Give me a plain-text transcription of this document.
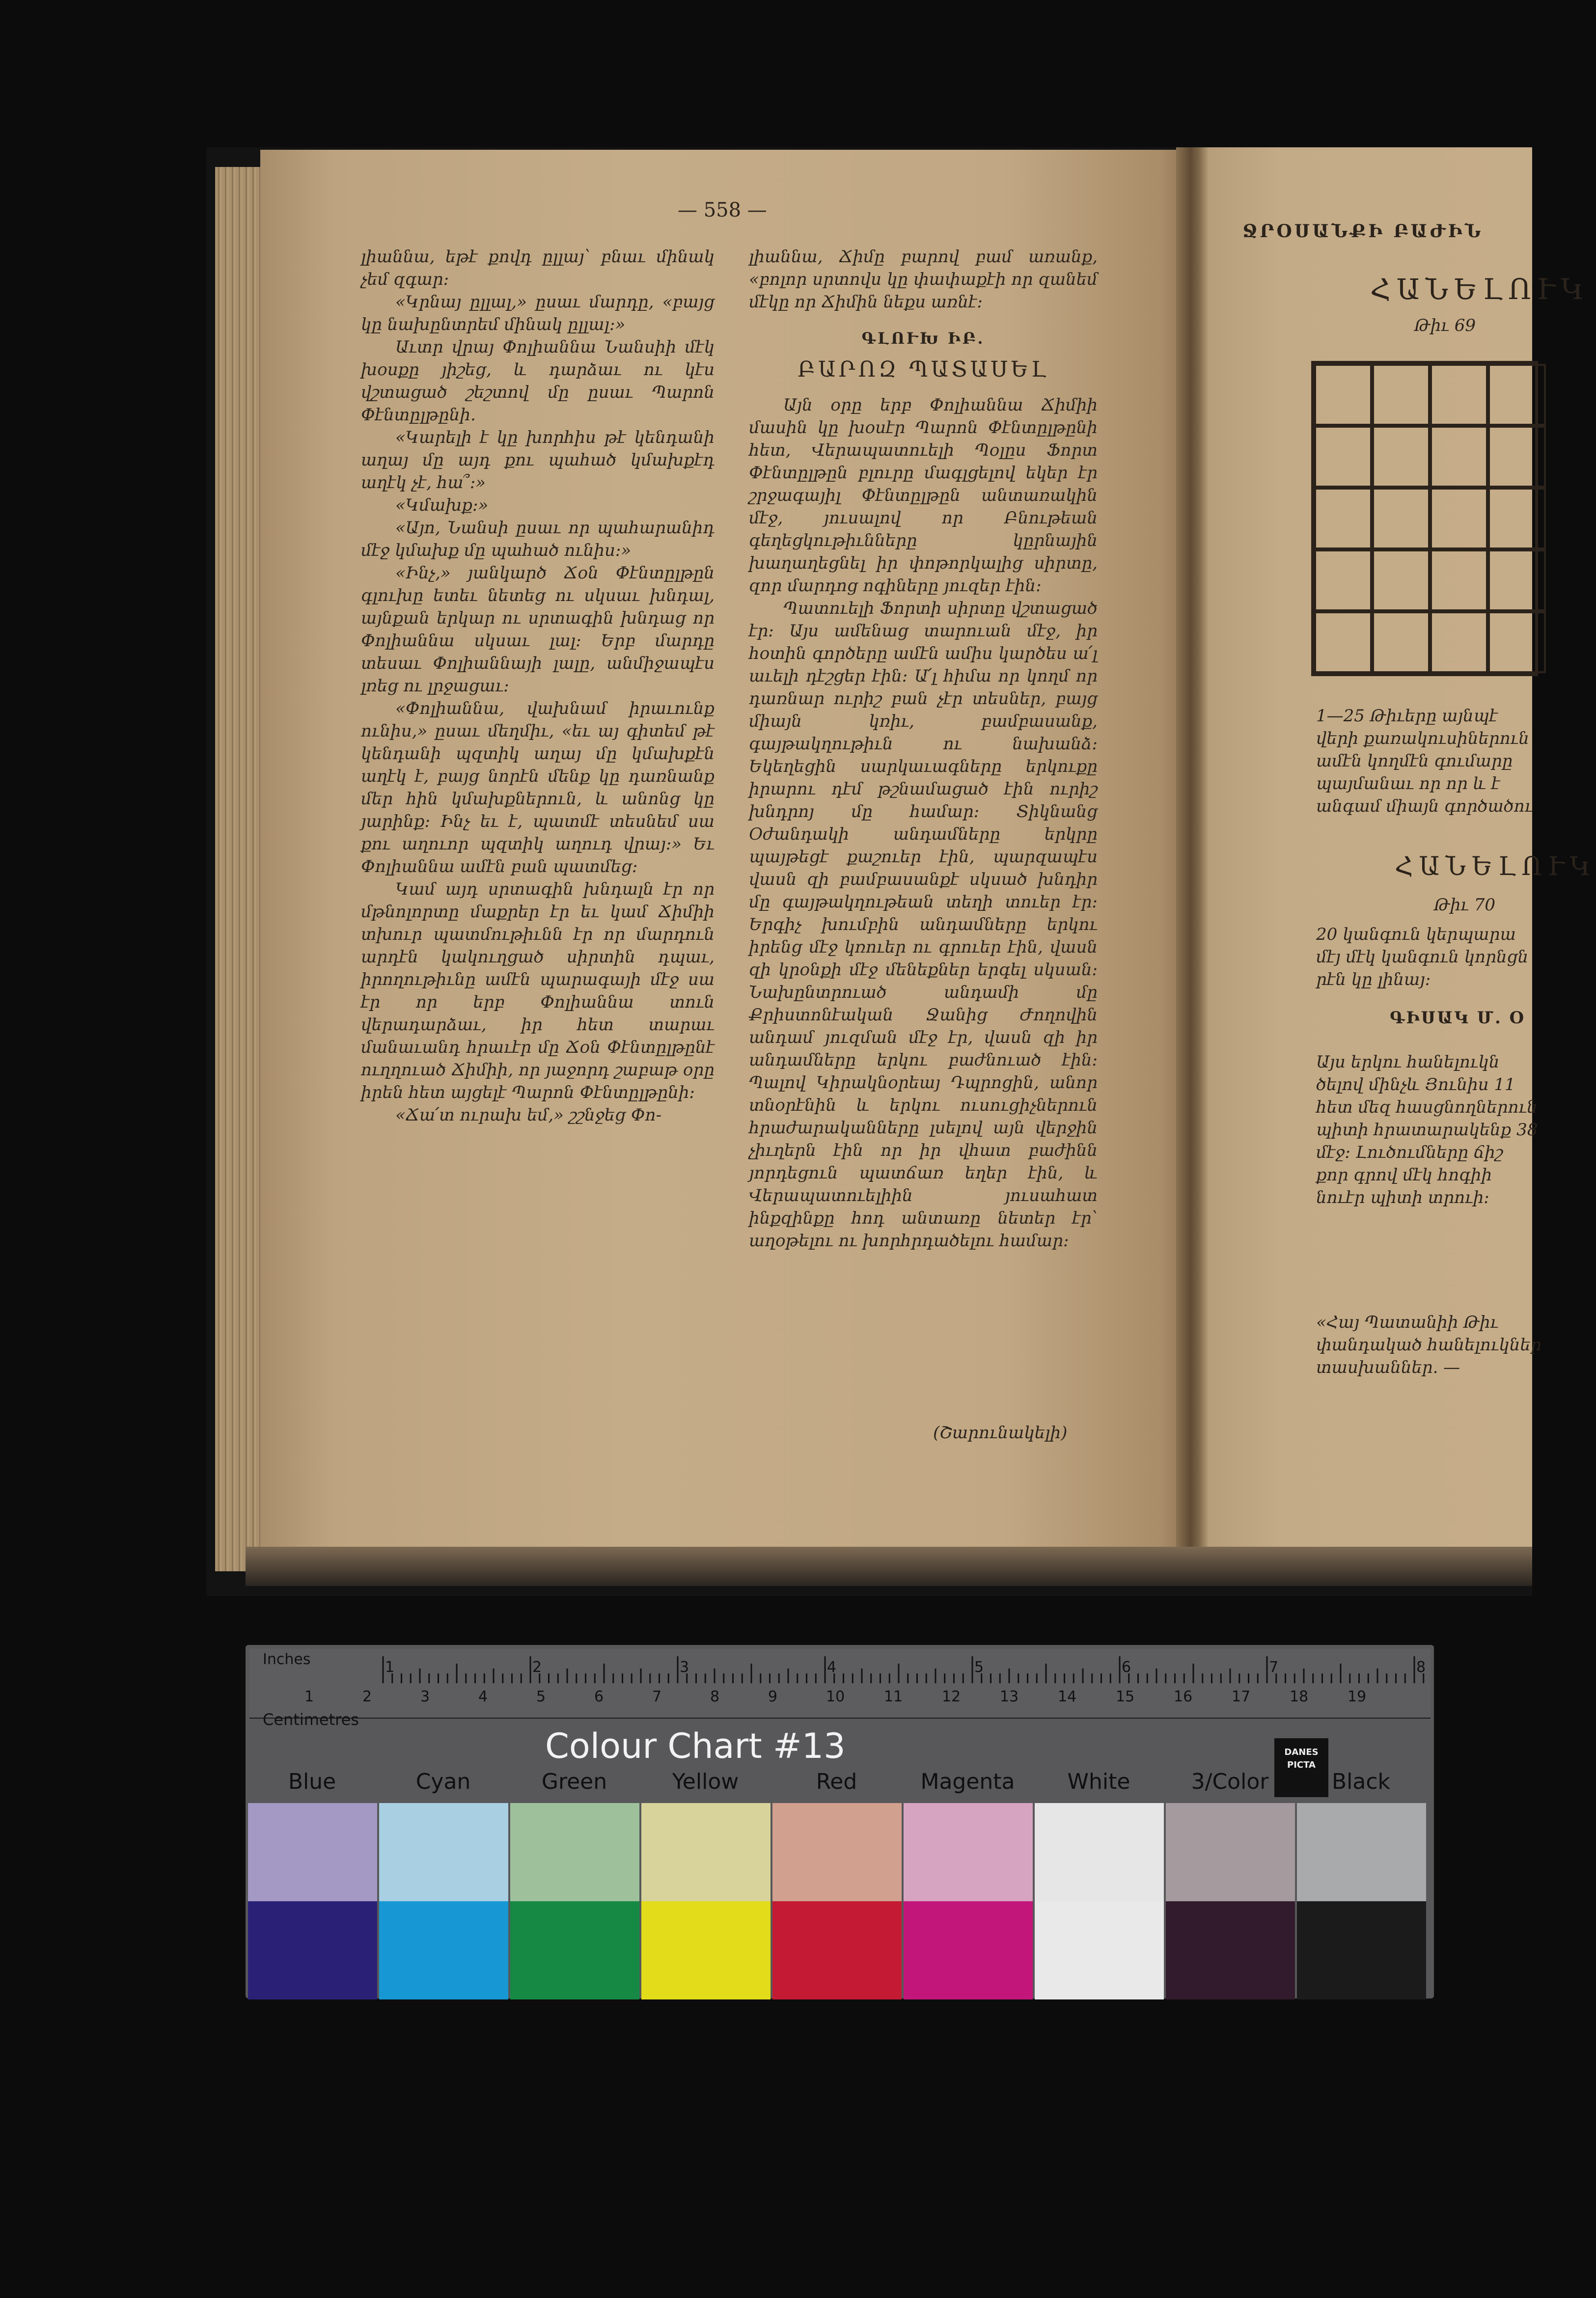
— 558 —

լիաննա, եթէ քովդ ըլլայ՝ բնաւ մինակ չեմ զգար։

«Կրնայ ըլլալ,» ըսաւ մարդը, «բայց կը նախընտրեմ մինակ ըլլալ։»

Աւտր վրայ Փոլիաննա Նանսիի մէկ խօսքը յիշեց, և դարձաւ ու կէս վշտացած շեշտով մը ըսաւ Պարոն Փէնտըլթընի.

«Կարելի է կը խորհիս թէ կենդանի աղայ մը այդ քու պահած կմախքէդ աղէկ չէ, հա՞։»

«Կմախք։»

«Այո, Նանսի ըսաւ որ պահարանիդ մէջ կմախք մը պահած ունիս։»

«Ինչ,» յանկարծ Ճօն Փէնտըլթըն գլուխը ետեւ նետեց ու սկսաւ խնդալ, այնքան երկար ու սրտագին խնդաց որ Փոլիաննա սկսաւ լալ։ Երբ մարդը տեսաւ Փոլիաննայի լալը, անմիջապէս լռեց ու լրջացաւ։

«Փոլիաննա, վախնամ իրաւունք ունիս,» ըսաւ մեղմիւ, «եւ այ գիտեմ թէ կենդանի պզտիկ աղայ մը կմախքէն աղէկ է, բայց նորէն մենք կը դառնանք մեր հին կմախքներուն, և անոնց կը յարինք։ Ինչ եւ է, պատմէ տեսնեմ սա քու աղուոր պզտիկ աղուդ վրայ։» Եւ Փոլիաննա ամէն բան պատմեց։

Կամ այդ սրտագին խնդալն էր որ մթնոլորտը մաքրեր էր եւ կամ Ճիմիի տխուր պատմութիւնն էր որ մարդուն արդէն կակուղցած սիրտին դպաւ, իրողութիւնը ամէն պարագայի մէջ սա էր որ երբ Փոլիաննա տուն վերադարձաւ, իր հետ տարաւ մանաւանդ հրաւէր մը Ճօն Փէնտըլթընէ ուղղուած Ճիմիի, որ յաջորդ շաբաթ օրը իրեն հետ այցելէ Պարոն Փէնտըլթընի։

«Ճա՛տ ուրախ եմ,» շշնջեց Փո-

լիաննա, Ճիմը բարով բամ առանք, «բոլոր սրտովս կը փափաքէի որ զանեմ մէկը որ Ճիմին նեքս առնէ։

ԳԼՈՒԽ ԻԲ.
ԲԱՐՈԶ ՊԱՏԱՍԵԼ

Այն օրը երբ Փոլիաննա Ճիմիի մասին կը խօսէր Պարոն Փէնտըլթընի հետ, Վերապատուելի Պօլըս Ֆորտ Փէնտըլթըն բլուրը մագլցելով եկեր էր շրջագայիլ Փէնտըլթըն անտառակին մէջ, յուսալով որ Բնութեան գեղեցկութիւնները կըրնային խաղաղեցնել իր փոթորկալից սիրտը, զոր մարդոց ոգիները յուզեր էին։

Պատուելի Ֆորտի սիրտը վշտացած էր։ Այս ամենաց տարուան մէջ, իր հօտին գործերը ամէն ամիս կարծես ա՛լ աւելի դէշցեր էին։ Ա՛լ հիմա որ կողմ որ դառնար ուրիշ բան չէր տեսներ, բայց միայն կռիւ, բամբասանք, գայթակղութիւն ու նախանձ։ Եկեղեցին սարկաւագները երկուքը իրարու դէմ թշնամացած էին ուրիշ խնդրոյ մը համար։ Տիկնանց Օժանդակի անդամները երկրը պայթեցէ քաշուեր էին, պարզապէս վասն զի բամբասանքէ սկսած խնդիր մը գայթակղութեան տեղի տուեր էր։ Երգիչ խումբին անդամները երկու իրենց մէջ կռուեր ու գրուեր էին, վասն զի կրօնքի մէջ մենեքներ երգել սկսան։ Նախընտրուած անդամի մը Քրիստոնէական Ջանից Ժողովին անդամ յուզման մէջ էր, վասն զի իր անդամները երկու բաժնուած էին։ Պալով Կիրակնօրեայ Դպրոցին, անոր տնօրէնին և երկու ուսուցիչներուն հրաժարականները լսելով այն վերջին չիւղերն էին որ իր վհատ բաժինն յորդեցուն պատճառ եղեր էին, և Վերապատուելիին յուսահատ ինքզինքը հոդ անտառը նետեր էր՝ աղօթելու ու խորհրդածելու համար։

(Շարունակելի)
ՋՐՕՍԱՆՔԻ ԲԱԺԻՆ
ՀԱՆԵԼՈՒԿ
Թիւ 69

1—25 Թիւերը այնպէ

վերի քառակուսիներուն

ամէն կողմէն գումարը

պայմանաւ որ որ և է

անգամ միայն գործածու

ՀԱՆԵԼՈՒԿ
Թիւ 70

20 կանգուն կերպարա

մէյ մէկ կանգուն կորնցն

րէն կը լինայ։

ԳԻՍԱԿ Մ. Օ

Այս երկու հանելուկն

ծելով մինչև Յունիս 11

հետ մեզ հասցնողներուն

պիտի հրատարակենք 38

մէջ։ Լուծումները ճիշ

քոր գրով մէկ հոգիի

նուէր պիտի տրուի։

«Հայ Պատանիի Թիւ

փանդակած հանելուկներ

տասխաններ. —

Inches
Centimetres
1	2	3	4	5	6	7	8
1	2	3	4	5	6	7	8	9	10	11	12	13	14	15	16	17	18	19
Colour Chart #13	DANES PICTA
Blue	Cyan	Green	Yellow	Red	Magenta	White	3/Color	Black
